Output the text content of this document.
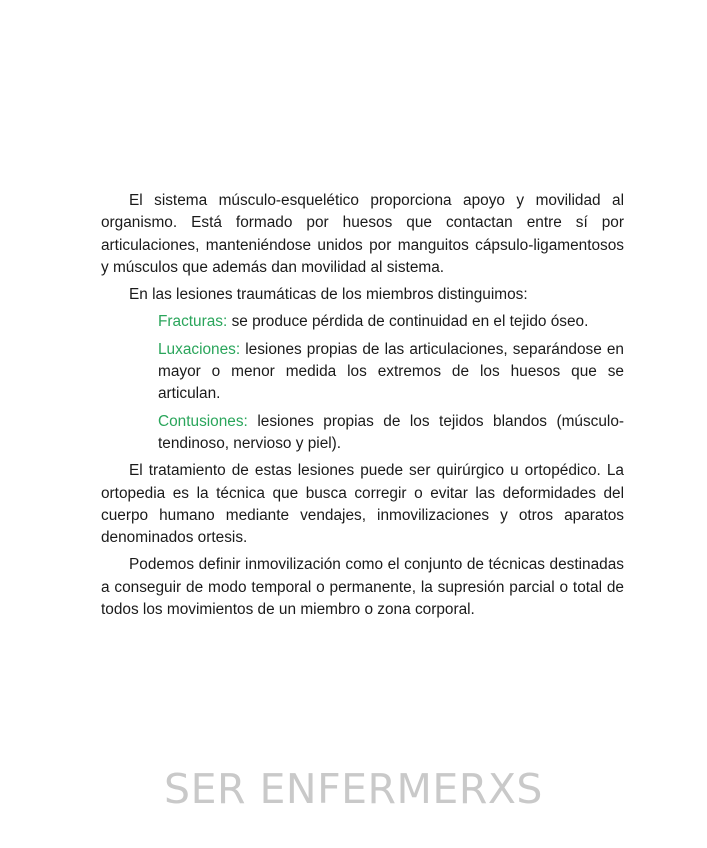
El sistema músculo-esquelético proporciona apoyo y movilidad al organismo. Está formado por huesos que contactan entre sí por articulaciones, manteniéndose unidos por manguitos cápsulo-ligamentosos y músculos que además dan movilidad al sistema.

En las lesiones traumáticas de los miembros distinguimos:

Fracturas: se produce pérdida de continuidad en el tejido óseo.

Luxaciones: lesiones propias de las articulaciones, separándose en mayor o menor medida los extremos de los huesos que se articulan.

Contusiones: lesiones propias de los tejidos blandos (músculo-tendinoso, nervioso y piel).

El tratamiento de estas lesiones puede ser quirúrgico u ortopédico. La ortopedia es la técnica que busca corregir o evitar las deformidades del cuerpo humano mediante vendajes, inmovilizaciones y otros aparatos denominados ortesis.

Podemos definir inmovilización como el conjunto de técnicas destinadas a conseguir de modo temporal o permanente, la supresión parcial o total de todos los movimientos de un miembro o zona corporal.

SER ENFERMERXS
